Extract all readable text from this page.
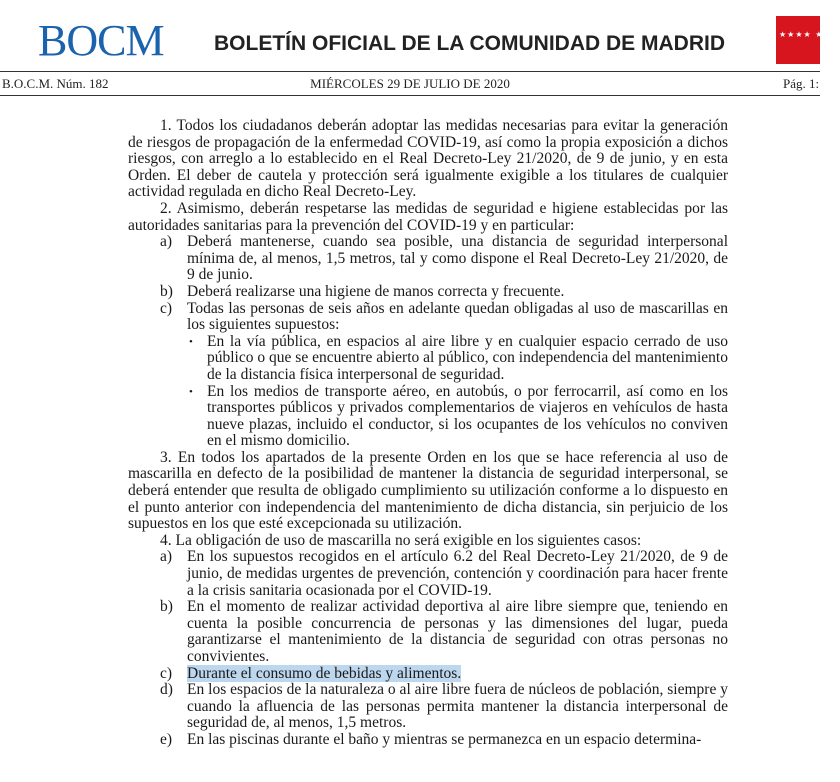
BOCM BOLETÍN OFICIAL DE LA COMUNIDAD DE MADRID	★★★★ ★★★
B.O.C.M. Núm. 182	MIÉRCOLES 29 DE JULIO DE 2020	Pág. 1:

1. Todos los ciudadanos deberán adoptar las medidas necesarias para evitar la generación de riesgos de propagación de la enfermedad COVID-19, así como la propia exposición a dichos riesgos, con arreglo a lo establecido en el Real Decreto-Ley 21/2020, de 9 de junio, y en esta Orden. El deber de cautela y protección será igualmente exigible a los titulares de cualquier actividad regulada en dicho Real Decreto-Ley.

2. Asimismo, deberán respetarse las medidas de seguridad e higiene establecidas por las autoridades sanitarias para la prevención del COVID-19 y en particular:

a) Deberá mantenerse, cuando sea posible, una distancia de seguridad interpersonal mínima de, al menos, 1,5 metros, tal y como dispone el Real Decreto-Ley 21/2020, de 9 de junio.

b) Deberá realizarse una higiene de manos correcta y frecuente.

c) Todas las personas de seis años en adelante quedan obligadas al uso de mascarillas en los siguientes supuestos:

• En la vía pública, en espacios al aire libre y en cualquier espacio cerrado de uso público o que se encuentre abierto al público, con independencia del mantenimiento de la distancia física interpersonal de seguridad.

• En los medios de transporte aéreo, en autobús, o por ferrocarril, así como en los transportes públicos y privados complementarios de viajeros en vehículos de hasta nueve plazas, incluido el conductor, si los ocupantes de los vehículos no conviven en el mismo domicilio.

3. En todos los apartados de la presente Orden en los que se hace referencia al uso de mascarilla en defecto de la posibilidad de mantener la distancia de seguridad interpersonal, se deberá entender que resulta de obligado cumplimiento su utilización conforme a lo dispuesto en el punto anterior con independencia del mantenimiento de dicha distancia, sin perjuicio de los supuestos en los que esté excepcionada su utilización.

4. La obligación de uso de mascarilla no será exigible en los siguientes casos:

a) En los supuestos recogidos en el artículo 6.2 del Real Decreto-Ley 21/2020, de 9 de junio, de medidas urgentes de prevención, contención y coordinación para hacer frente a la crisis sanitaria ocasionada por el COVID-19.

b) En el momento de realizar actividad deportiva al aire libre siempre que, teniendo en cuenta la posible concurrencia de personas y las dimensiones del lugar, pueda garantizarse el mantenimiento de la distancia de seguridad con otras personas no convivientes.

c) Durante el consumo de bebidas y alimentos.

d) En los espacios de la naturaleza o al aire libre fuera de núcleos de población, siempre y cuando la afluencia de las personas permita mantener la distancia interpersonal de seguridad de, al menos, 1,5 metros.

e) En las piscinas durante el baño y mientras se permanezca en un espacio determina-
